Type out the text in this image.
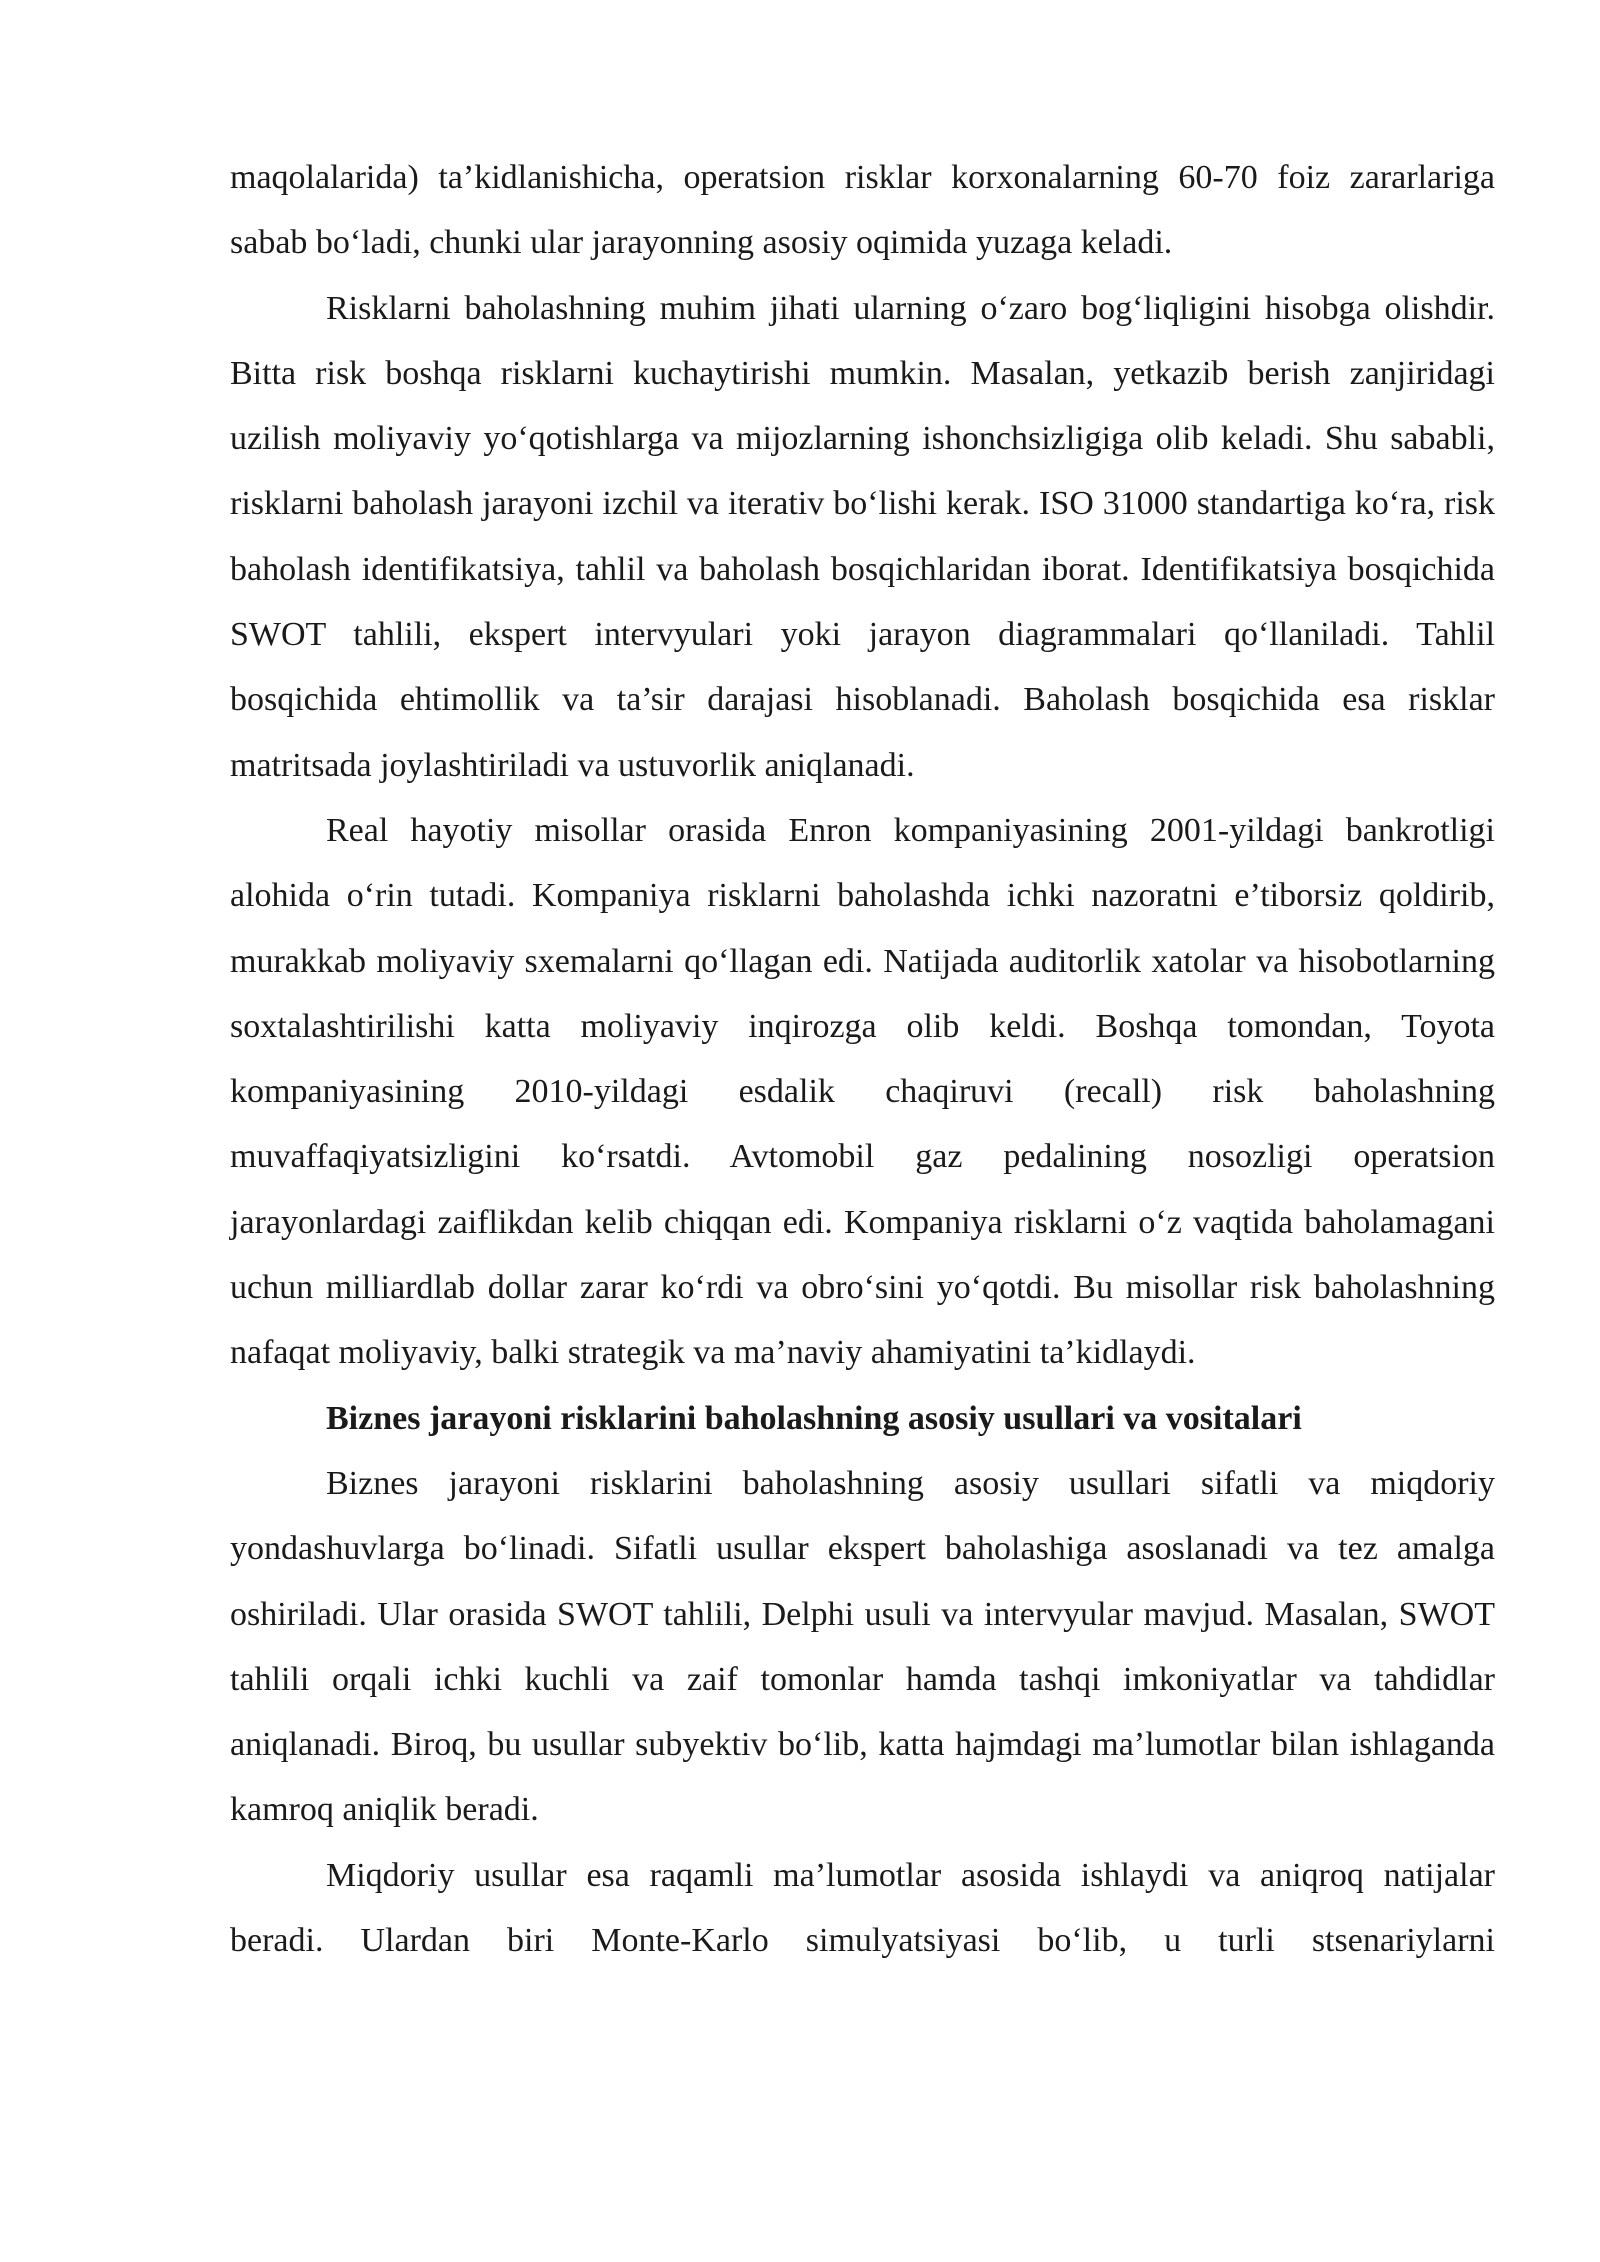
maqolalarida) ta’kidlanishicha, operatsion risklar korxonalarning 60-70 foiz zararlariga sabab bo‘ladi, chunki ular jarayonning asosiy oqimida yuzaga keladi.

Risklarni baholashning muhim jihati ularning o‘zaro bog‘liqligini hisobga olishdir. Bitta risk boshqa risklarni kuchaytirishi mumkin. Masalan, yetkazib berish zanjiridagi uzilish moliyaviy yo‘qotishlarga va mijozlarning ishonchsizligiga olib keladi. Shu sababli, risklarni baholash jarayoni izchil va iterativ bo‘lishi kerak. ISO 31000 standartiga ko‘ra, risk baholash identifikatsiya, tahlil va baholash bosqichlaridan iborat. Identifikatsiya bosqichida SWOT tahlili, ekspert intervyulari yoki jarayon diagrammalari qo‘llaniladi. Tahlil bosqichida ehtimollik va ta’sir darajasi hisoblanadi. Baholash bosqichida esa risklar matritsada joylashtiriladi va ustuvorlik aniqlanadi.

Real hayotiy misollar orasida Enron kompaniyasining 2001-yildagi bankrotligi alohida o‘rin tutadi. Kompaniya risklarni baholashda ichki nazoratni e’tiborsiz qoldirib, murakkab moliyaviy sxemalarni qo‘llagan edi. Natijada auditorlik xatolar va hisobotlarning soxtalashtirilishi katta moliyaviy inqirozga olib keldi. Boshqa tomondan, Toyota kompaniyasining 2010-yildagi esdalik chaqiruvi (recall) risk baholashning muvaffaqiyatsizligini ko‘rsatdi. Avtomobil gaz pedalining nosozligi operatsion jarayonlardagi zaiflikdan kelib chiqqan edi. Kompaniya risklarni o‘z vaqtida baholamagani uchun milliardlab dollar zarar ko‘rdi va obro‘sini yo‘qotdi. Bu misollar risk baholashning nafaqat moliyaviy, balki strategik va ma’naviy ahamiyatini ta’kidlaydi.

Biznes jarayoni risklarini baholashning asosiy usullari va vositalari

Biznes jarayoni risklarini baholashning asosiy usullari sifatli va miqdoriy yondashuvlarga bo‘linadi. Sifatli usullar ekspert baholashiga asoslanadi va tez amalga oshiriladi. Ular orasida SWOT tahlili, Delphi usuli va intervyular mavjud. Masalan, SWOT tahlili orqali ichki kuchli va zaif tomonlar hamda tashqi imkoniyatlar va tahdidlar aniqlanadi. Biroq, bu usullar subyektiv bo‘lib, katta hajmdagi ma’lumotlar bilan ishlaganda kamroq aniqlik beradi.

Miqdoriy usullar esa raqamli ma’lumotlar asosida ishlaydi va aniqroq natijalar beradi. Ulardan biri Monte-Karlo simulyatsiyasi bo‘lib, u turli stsenariylarni
